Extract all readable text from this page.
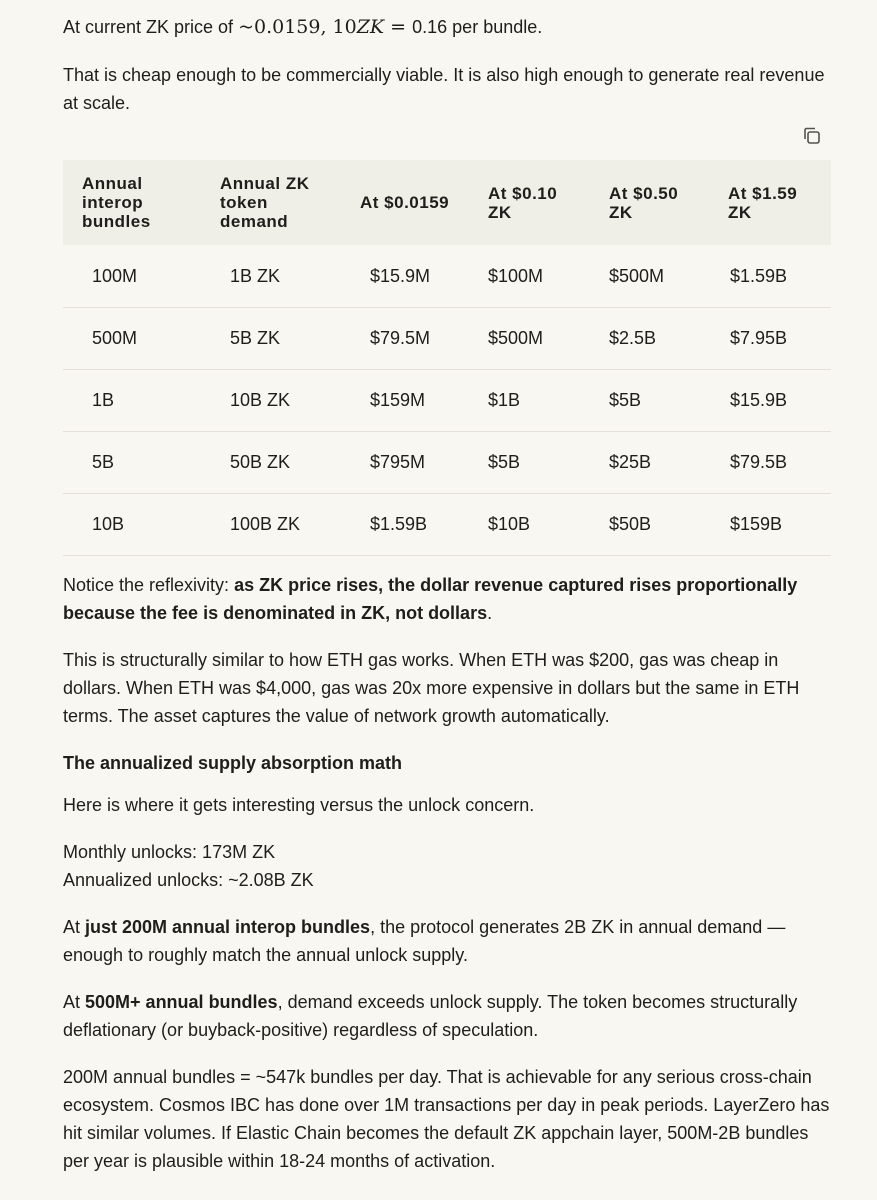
At current ZK price of ~0.0159, 10ZK = 0.16 per bundle.

That is cheap enough to be commercially viable. It is also high enough to generate real revenue at scale.

Annual interop bundles	Annual ZK token demand	At $0.0159	At $0.10 ZK	At $0.50 ZK	At $1.59 ZK
100M	1B ZK	$15.9M	$100M	$500M	$1.59B
500M	5B ZK	$79.5M	$500M	$2.5B	$7.95B
1B	10B ZK	$159M	$1B	$5B	$15.9B
5B	50B ZK	$795M	$5B	$25B	$79.5B
10B	100B ZK	$1.59B	$10B	$50B	$159B

Notice the reflexivity: as ZK price rises, the dollar revenue captured rises proportionally because the fee is denominated in ZK, not dollars.

This is structurally similar to how ETH gas works. When ETH was $200, gas was cheap in dollars. When ETH was $4,000, gas was 20x more expensive in dollars but the same in ETH terms. The asset captures the value of network growth automatically.

The annualized supply absorption math

Here is where it gets interesting versus the unlock concern.

Monthly unlocks: 173M ZK
Annualized unlocks: ~2.08B ZK

At just 200M annual interop bundles, the protocol generates 2B ZK in annual demand — enough to roughly match the annual unlock supply.

At 500M+ annual bundles, demand exceeds unlock supply. The token becomes structurally deflationary (or buyback-positive) regardless of speculation.

200M annual bundles = ~547k bundles per day. That is achievable for any serious cross-chain ecosystem. Cosmos IBC has done over 1M transactions per day in peak periods. LayerZero has hit similar volumes. If Elastic Chain becomes the default ZK appchain layer, 500M-2B bundles per year is plausible within 18-24 months of activation.
